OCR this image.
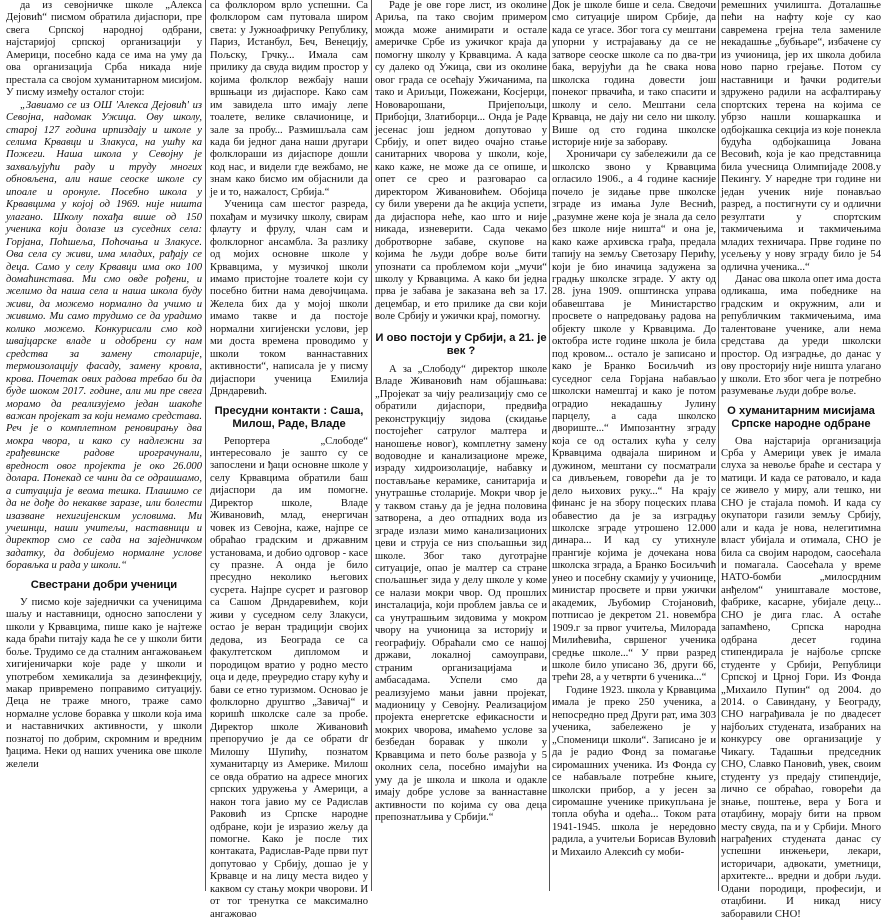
да из севојничке школе „Алекса Дејовић“ писмом обратила дијаспори, пре свега Српској народној одбрани, најстаријој српској организацији у Америци, посебно када се има на уму да ова организација Срба никада није престала са својом хуманитарном мисијом. У писму између осталог стоји:

„Завиамо се из ОШ 'Алекса Дејовић' из Севојна, надомак Ужица. Ову школу, старој 127 година ирпиздају и школе у селима Крвавци и Злакуса, на ушћу ка Пожеги. Наша школа у Севојну је захваљујући раду и труду многих обновљена, али наше сеоске школе су ипоале и оронуле. Посебно школа у Крвавцима у којој од 1969. није ништа улагано. Школу похађа више од 150 ученика који долазе из суседних села: Горјана, Поћшеља, Поћочања и Злакусе. Ова села су живи, има младих, рађају се деца. Само у селу Крвавци има око 100 домаћинстава. Ми смо овде рођени, и желимо да наша села и наша школа буду живи, да можемо нормално да учимо и живимо. Ми само трудимо се да урадимо колико можемо. Конкурисали смо код швајцарске владе и одобрени су нам средства за замену столарије, термоизолацију фасаду, замену кровла, крова. Почетак ових радова требао би да буде шоком 2017. године, али ми пре свега морамо да реализујемо један шакоће важан пројекат за који немамо средстава. Реч је о комплетном реновирању два мокра чвора, и како су надлежни за грађевинске радове ирограчунали, вредност овог пројекта је око 26.000 долара. Понекад се чини да се одраишамо, а ситуација је веома тешка. Плашимо се да не дође до некакве заразе, или болести изазване нехигијенским условима. Ми учешнци, наши учитељи, наставници и директор смо се сада на заједничком задатку, да добијемо нормалне услове борављка и рада у школи.“

Свестрани добри ученици

У писмо које заједнички са ученицима шаљу и наставници, односно запослени у школи у Крвавцима, пише како је најтеже када браћи питају када ће се у школи бити боље. Трудимо се да сталним ангажовањем хигијеничарки које раде у школи и употребом хемикалија за дезинфекцију, макар привремено поправимо ситуацију. Деца не траже много, траже само нормалне услове боравка у школи која има и наставничких активности, у школи познатој по добрим, скромним и вредним ђацима. Неки од наших ученика ове школе желели

са фолклором врло успешни. Са фолклором сам путовала широм света: у Јужноафричку Републику, Париз, Истанбул, Беч, Венецију, Пољску, Грчку... Имала сам прилику да свуда видим простор у којима фолклор вежбају наши вршњаци из дијаспоре. Како сам им завидела што имају лепе тоалете, велике свлачионице, и зале за пробу... Размишљала сам када би једног дана наши другари фолклораши из дијаспоре дошли код нас, и видели где вежбамо, не знам како бисмо им објаснили да је и то, нажалост, Србија.“

Ученица сам шестог разреда, похађам и музичку школу, свирам флауту и фрулу, члан сам и фолклорног ансамбла. За разлику од мојих основне школе у Крвавцима, у музичкој школи имамо пристојне тоалете који су посебно битни нама девојчицама. Желела бих да у мојој школи имамо такве и да постоје нормални хигијенски услови, јер ми доста времена проводимо у школи током ваннаставних активности“, написала је у писму дијаспори ученица Емилија Дрндаревић.

Пресудни контакти : Саша, Милош, Раде, Владе

Репортера „Слободе“ интересовало је зашто су се запослени и ђаци основне школе у селу Крвавцима обратили баш дијаспори да им помогне. Директор школе, Владе Живановић, млад, енергичан човек из Севојна, каже, најпре се обраћао градским и државним установама, и добио одговор - касе су празне. А онда је било пресудно неколико његових сусрета. Најпре сусрет и разговор са Сашом Дрндаревићем, који живи у суседном селу Злакуси, остао је веран традицији својих дедова, из Београда се са факултетском дипломом и породицом вратио у родно место оца и деде, преуредио стару кућу и бави се етно туризмом. Основао је фолклорно друштво „Завичај“ и коришћ школске сале за пробе. Директор школе Живановић препоручио је да се обрати dr Милошу Шупићу, познатом хуманитарцу из Америке. Милош се овда обратио на адресе многих српских удружења у Америци, а након тога јавио му се Радислав Раковић из Српске народне одбране, који је изразио жељу да помогне. Како је после тих контаката, Радислав-Раде први пут допутовао у Србију, дошао је у Крвавце и на лицу места видео у каквом су стању мокри чворови. И от тог тренутка се максимално ангажовао

Раде је ове горе лист, из околине Ариља, па тако својим примером можда може анимирати и остале америчке Србе из ужичког краја да помогну школу у Крвавцима. А када су далеко од Ужица, сви из околине овог града се осећају Ужичанима, па тако и Ариљци, Пожежани, Косјерци, Нововарошани, Пријепољци, Прибојци, Златиборци... Онда је Раде јесенас још једном допутовао у Србију, и опет видео очајно стање санитарних чворова у школи, које, како каже, не може да се опише, и опет се срео и разговарао са директором Живановићем. Обојица су били уверени да ће акција успети, да дијаспора неће, као што и није никада, изневерити. Сада чекамо добротворне забаве, скупове на којима ће људи добре воље бити упознати са проблемом који „мучи“ школу у Крвавцима. А како би једна прва је забава је заказана већ за 17. децембар, и ето прилике да сви који воле Србију и ужички крај, помогну.

И ово постоји у Србији, а 21. је век ?

А за „Слободу“ директор школе Владе Живановић нам објашњава: „Пројекат за чију реализацију смо се обратили дијаспори, предвиђа реконструкцију зидова (скидање постојећег сатрулог малтера и наношење новог), комплетну замену водоводне и канализационе мреже, израду хидроизолације, набавку и постављање керамике, санитарија и унутрашње столарије. Мокри чвор је у таквом стању да је једна половина затворена, а део отпадних вода из зграде излази мимо канализационих цеви и струја се низ спољашњи зид школе. Због тако дуготрајне ситуације, опао је малтер са стране спољашњег зида у делу школе у коме се налази мокри чвор. Од прошлих инсталација, који проблем јавља се и са унутрашњим зидовима у мокром чвору на учионица за историју и географију. Обраћали смо се нашој држави, локалној самоуправи, страним организацијама и амбасадама. Успели смо да реализујемо мањи јавни пројекат, мадионицу у Севојну. Реализацијом пројекта енергетске ефикасности и мокрих чворова, имаћемо услове за безбедан боравак у школи у Крвавцима и пето боље развоја у 5 околних села, посебно имајући на уму да је школа и школа и одакле имају добре услове за ваннаставне активности по којима су ова деца препознатљива у Србији.“

Док је школе бише и села. Сведочи смо ситуације широм Србије, да када се угасе. Због тога су мештани упорни у истрајавању да се не затворе сеоске школе са по два-три бака, верујући да ће свака нова школска година довести још понеког првачића, и тако спасити и школу и село. Мештани села Крвавца, не дају ни село ни школу. Више од сто година школске историје није за забораву.

Хроничари су забележили да се школско звоно у Крвавцима огласило 1906., а 4 године касније почело је зидање прве школске зграде из имања Јуле Веснић, „разумне жене која је знала да село без школе није ништа“ и она је, како каже архивска грађа, предала тапију на земљу Светозару Перићу, који је био иначица задужена за градњу школске зграде. У акту од 28. јуна 1909. општинска управа обавештава је Министарство просвете о напредовању радова на објекту школе у Крвавцима. До октобра исте године школа је била под кровом... остало је записано и како је Бранко Босиљчић из суседног села Горјана набављао школски намештај и како је потом оградио некадашњу Јулину парцелу, а сада школско двориште...“ Импозантну зграду која се од осталих кућа у селу Крвавцима одвајала ширином и дужином, мештани су посматрали са дивљењем, говорећи да је то дело њихових руку...“ На крају финанс је на збору поцеских плава обавестио да је за изградњу школске зграде утрошено 12.000 динара... И кад су утихнуле прангије којима је дочекана нова школска зграда, а Бранко Босиљчић унео и посебну скамију у учионице, министар просвете и први ужички академик, Љубомир Стојановић, потписао је декретом 21. новембра 1909.г за првог учитеља, Милорада Милићевића, свршеног ученика средње школе...“ У први разред школе било уписано 36, други 66, трећи 28, а у четврти 6 ученика...“

Године 1923. школа у Крвавцима имала је преко 250 ученика, а непосредно пред Други рат, има 303 ученика, забележено је у „Споменици школи“. Записано је и да је радио Фонд за помагање сиромашних ученика. Из Фонда су се набављале потребне књиге, школски прибор, а у јесен за сиромашне ученике прикупљана је топла обућа и одећа... Током рата 1941-1945. школа је нередовно радила, а учитељи Борисав Вуловић и Михаило Алексић су моби-

ремешних училишта. Доталашње пећи на нафту које су као савремена грејна тела замениле некадашње „бубњаре“, избачене су из учионица, јер их школа добила ново парно грејање. Потом су наставници и ђачки родитељи здружено радили на асфалтирању спортских терена на којима се убрзо нашли кошаркашка и одбојкашка секција из које понекла будућа одбојкашица Јована Весовић, која је као представница била учесница Олимпијаде 2008.у Пекингу. У наредне три године ни један ученик није понављао разред, а постигнути су и одлични резултати у спортским такмичењима и такмичењима младих техничара. Прве године по усељењу у нову зграду било је 54 одлична ученика...“

Данас ова школа опет има доста одликаша, има победнике на градским и окружним, али и републичким такмичењима, има талентоване ученике, али нема средстава да уреди школски простор. Од изградње, до данас у ову просторију није ништа улагано у школи. Ето због чега је потребно разумевање људи добре воље.

О хуманитарним мисијама Српске народне одбране

Ова најстарија организација Срба у Америци увек је имала слуха за невоље браће и сестара у матици. И када се ратовало, и када се живело у миру, али тешко, ни СНО је стајала помоћ. И када су окупатори газили земљу Србију, али и када је нова, нелегитимна власт убијала и отимала, СНО је била са својим народом, саосећала и помагала. Саосећала у време НАТО-бомби „милосрдним анђелом“ уништавале мостове, фабрике, касарне, убијале децу... СНО је дига глас. А остаће запамћено, Српска народна одбрана десет година стипендирала је најбоље српске студенте у Србији, Републици Српској и Црној Гори. Из Фонда „Михаило Пупин“ од 2004. до 2014. о Савиндану, у Београду, СНО награђивала је по двадесет најбољих студената, изабраних на конкурсу ове организације у Чикагу. Тадашњи председник СНО, Славко Пановић, увек, своим студенту уз предају стипендије, лично се обраћао, говорећи да знање, поштење, вера у Бога и отаџбину, морају бити на првом месту свуда, па и у Србији. Много награђених студената данас су успешни инжењери, лекари, историчари, адвокати, уметници, архитекте... вредни и добри људи. Одани породици, професији, и отаџбини. И никад нису заборавили СНО!
